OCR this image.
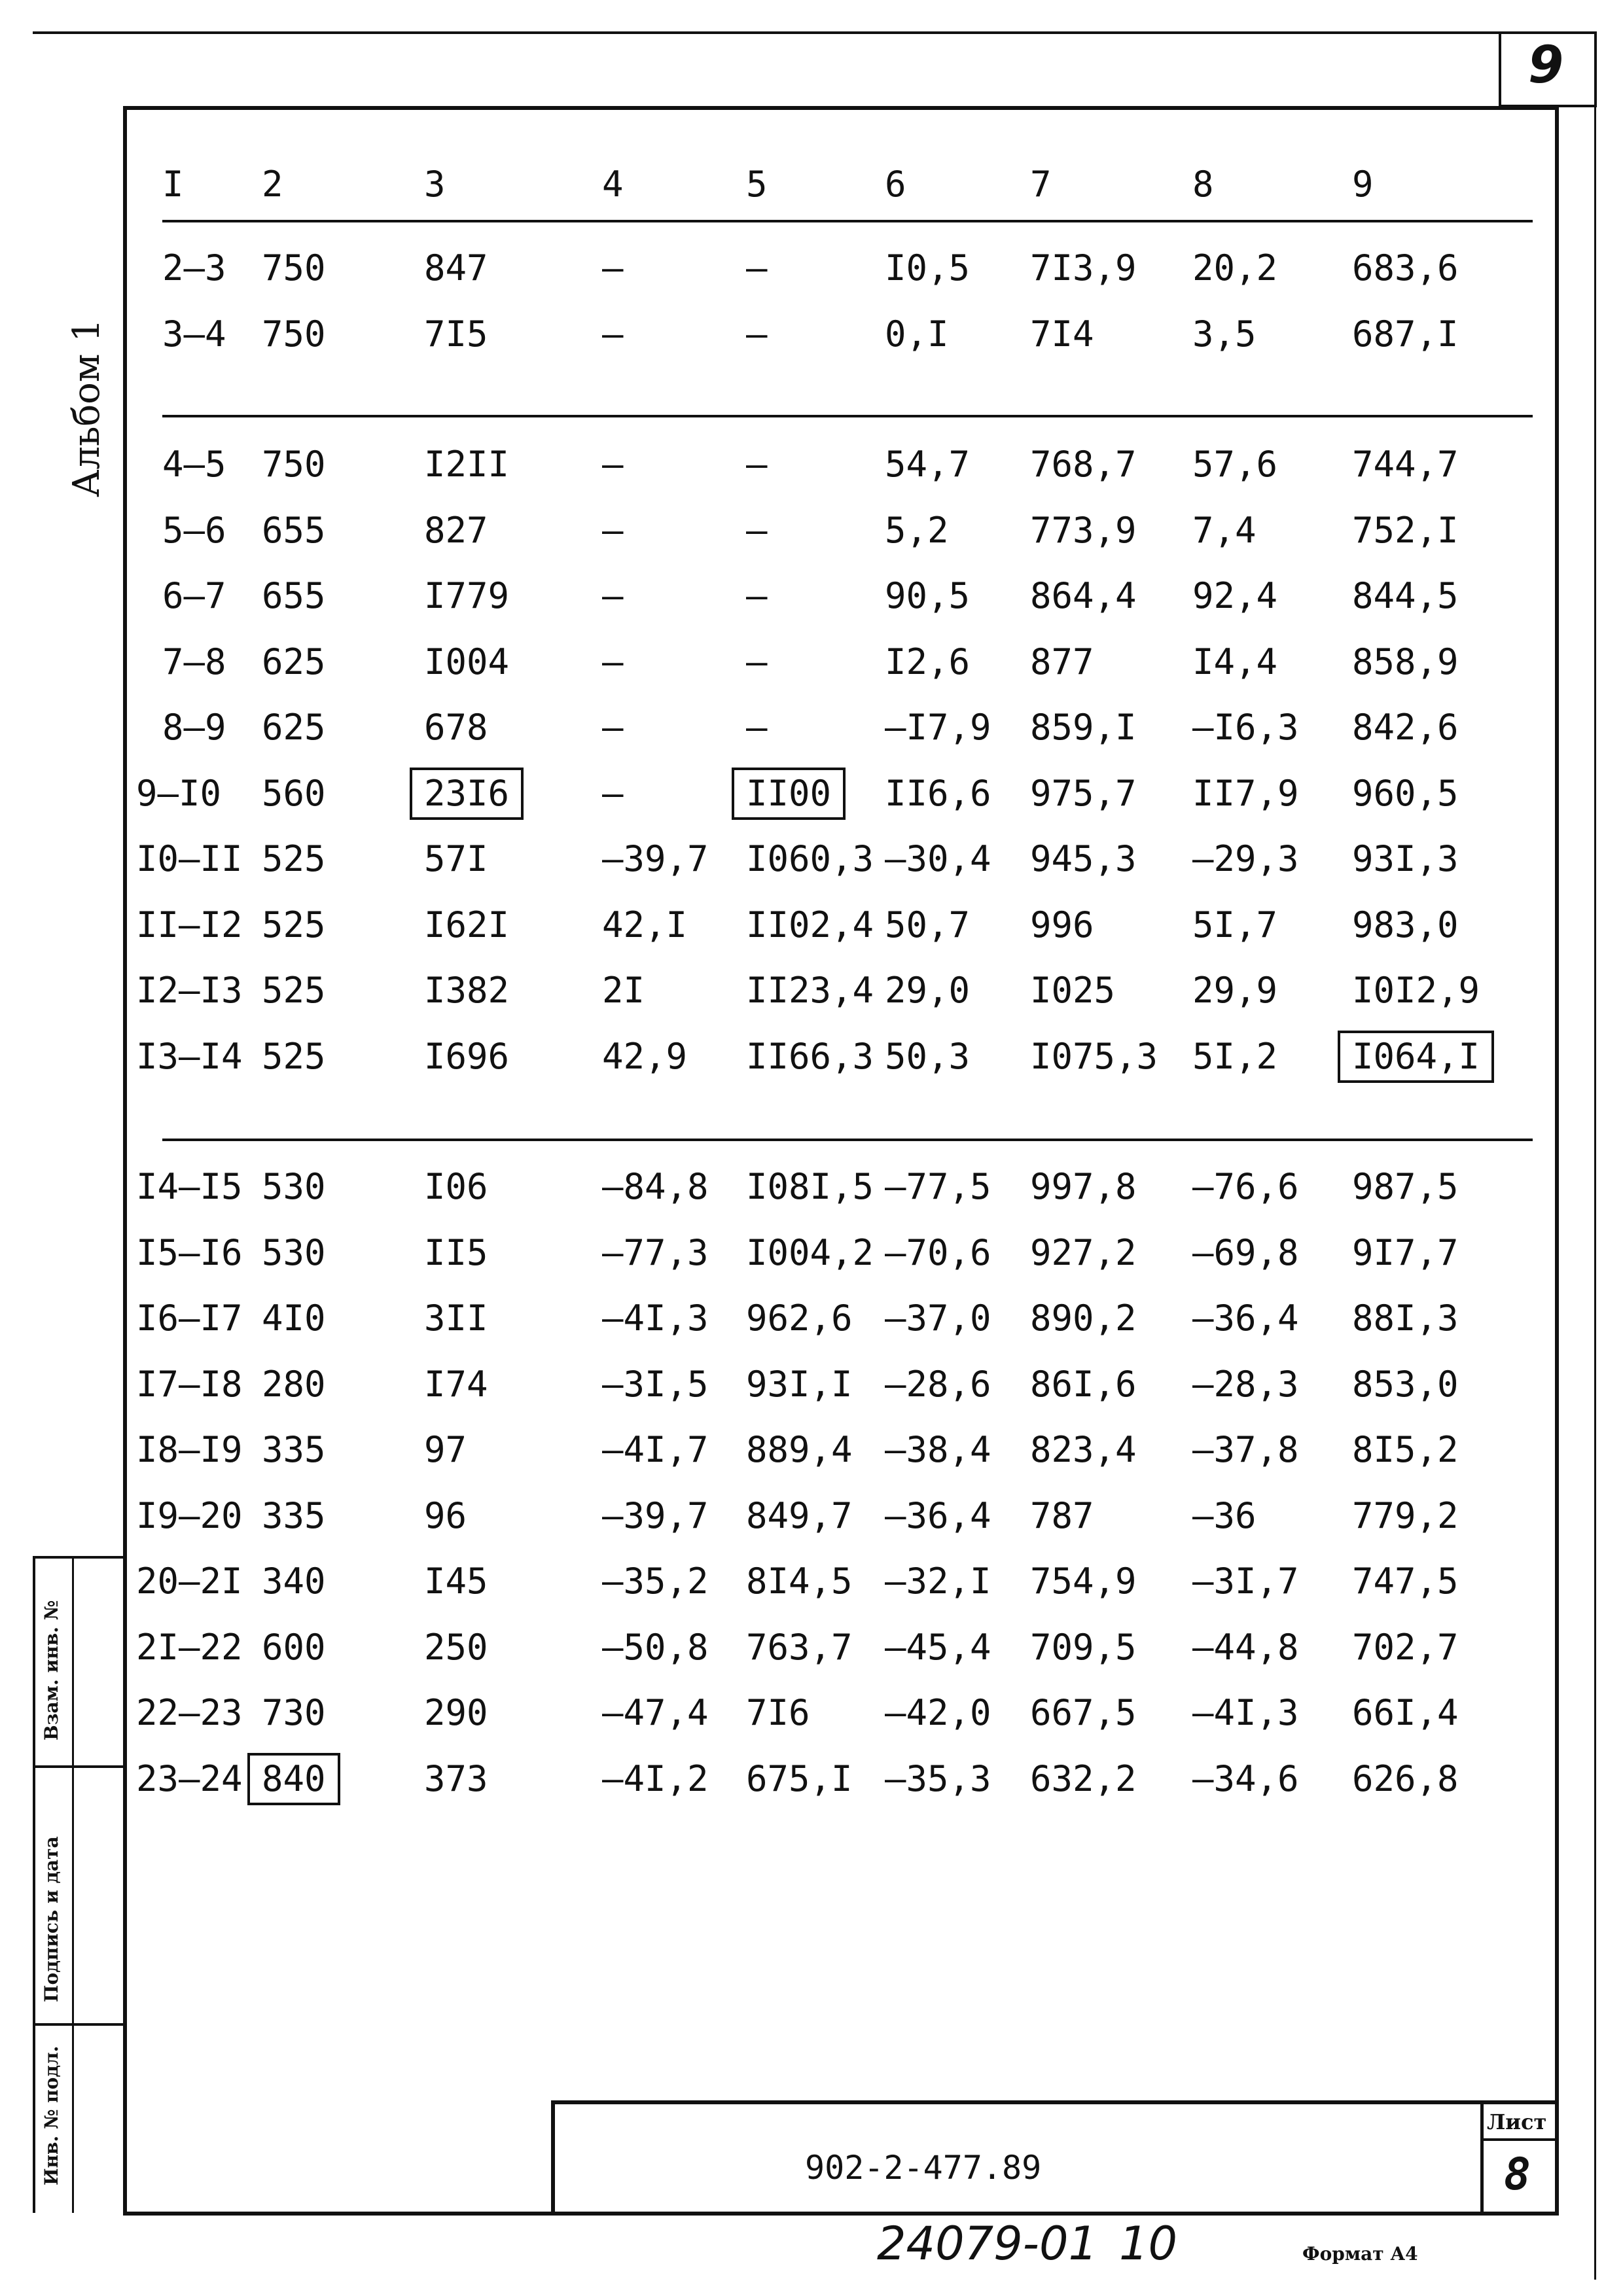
9
Альбом 1
Взам. инв. №
Подпись и дата
Инв. № подл.
I 2	3	4	5	6	7	8	9
2–3 750	847	–	–	I0,5 7I3,9 20,2 683,6
3–4 750	7I5	–	–	0,I 7I4	3,5	687,I
4–5 750	I2II	–	–	54,7 768,7 57,6 744,7
5–6 655	827	–	–	5,2 773,9 7,4	752,I
6–7 655	I779	–	–	90,5 864,4 92,4 844,5
7–8 625	I004	–	–	I2,6 877	I4,4 858,9
8–9 625	678	–	–	–I7,9 859,I –I6,3 842,6
9–I0 560	23I6	–	II00 II6,6 975,7 II7,9 960,5
I0–II 525	57I	–39,7 I060,3 –30,4 945,3 –29,3 93I,3
II–I2 525	I62I	42,I II02,4 50,7 996	5I,7 983,0
I2–I3 525	I382	2I	II23,4 29,0 I025 29,9 I0I2,9
I3–I4 525	I696	42,9 II66,3 50,3 I075,3 5I,2 I064,I
I4–I5 530	I06	–84,8 I08I,5 –77,5 997,8 –76,6 987,5
I5–I6 530	II5	–77,3 I004,2 –70,6 927,2 –69,8 9I7,7
I6–I7 4I0	3II	–4I,3 962,6 –37,0 890,2 –36,4 88I,3
I7–I8 280	I74	–3I,5 93I,I –28,6 86I,6 –28,3 853,0
I8–I9 335	97	–4I,7 889,4 –38,4 823,4 –37,8 8I5,2
I9–20 335	96	–39,7 849,7 –36,4 787	–36	779,2
20–2I 340	I45	–35,2 8I4,5 –32,I 754,9 –3I,7 747,5
2I–22 600	250	–50,8 763,7 –45,4 709,5 –44,8 702,7
22–23 730	290	–47,4 7I6 –42,0 667,5 –4I,3 66I,4
23–24 840	373	–4I,2 675,I –35,3 632,2 –34,6 626,8
902-2-477.89
Лист
8
24079-01 10	Формат А4
